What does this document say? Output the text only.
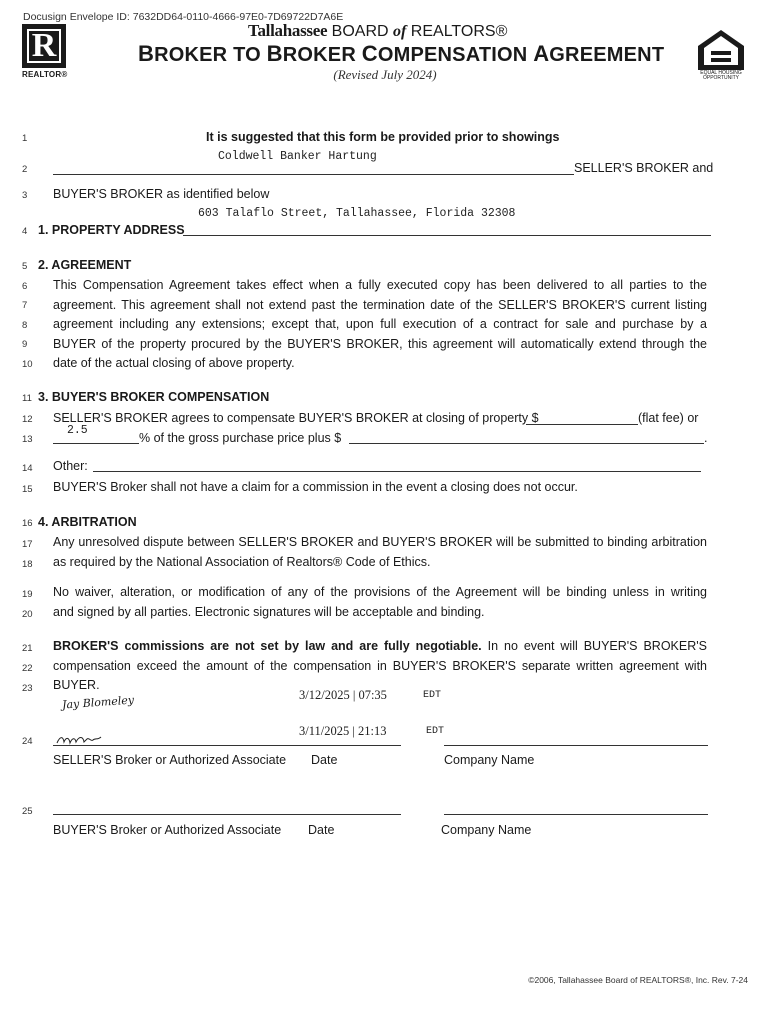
Docusign Envelope ID: 7632DD64-0110-4666-97E0-7D69722D7A6E
R
REALTOR®
Tallahassee BOARD of REALTORS®
BROKER TO BROKER COMPENSATION AGREEMENT
(Revised July 2024)	EQUAL HOUSING OPPORTUNITY
1
2
3
4
5
6
7
8
9
10
11
12
13
14
15
16
17
18
19
20
21
22
23
24
25
It is suggested that this form be provided prior to showings
Coldwell Banker Hartung
SELLER'S BROKER and
BUYER'S BROKER as identified below
603 Talaflo Street, Tallahassee, Florida 32308
1. PROPERTY ADDRESS
2. AGREEMENT
This Compensation Agreement takes effect when a fully executed copy has been delivered to all parties to the
agreement. This agreement shall not extend past the termination date of the SELLER'S BROKER'S current listing
agreement including any extensions; except that, upon full execution of a contract for sale and purchase by a
BUYER of the property procured by the BUYER'S BROKER, this agreement will automatically extend through the
date of the actual closing of above property.
3. BUYER'S BROKER COMPENSATION
SELLER'S BROKER agrees to compensate BUYER'S BROKER at closing of property $	(flat fee) or
2.5
% of the gross purchase price plus $	.
Other:
BUYER'S Broker shall not have a claim for a commission in the event a closing does not occur.
4. ARBITRATION
Any unresolved dispute between SELLER'S BROKER and BUYER'S BROKER will be submitted to binding arbitration
as required by the National Association of Realtors® Code of Ethics.
No waiver, alteration, or modification of any of the provisions of the Agreement will be binding unless in writing
and signed by all parties. Electronic signatures will be acceptable and binding.
BROKER'S commissions are not set by law and are fully negotiable. In no event will BUYER'S BROKER'S
compensation exceed the amount of the compensation in BUYER'S BROKER'S separate written agreement with
BUYER.
Jay Blomeley	3/12/2025 | 07:35	EDT
3/11/2025 | 21:13	EDT
SELLER'S Broker or Authorized Associate Date	Company Name
BUYER'S Broker or Authorized Associate Date	Company Name
©2006, Tallahassee Board of REALTORS®, Inc. Rev. 7-24
